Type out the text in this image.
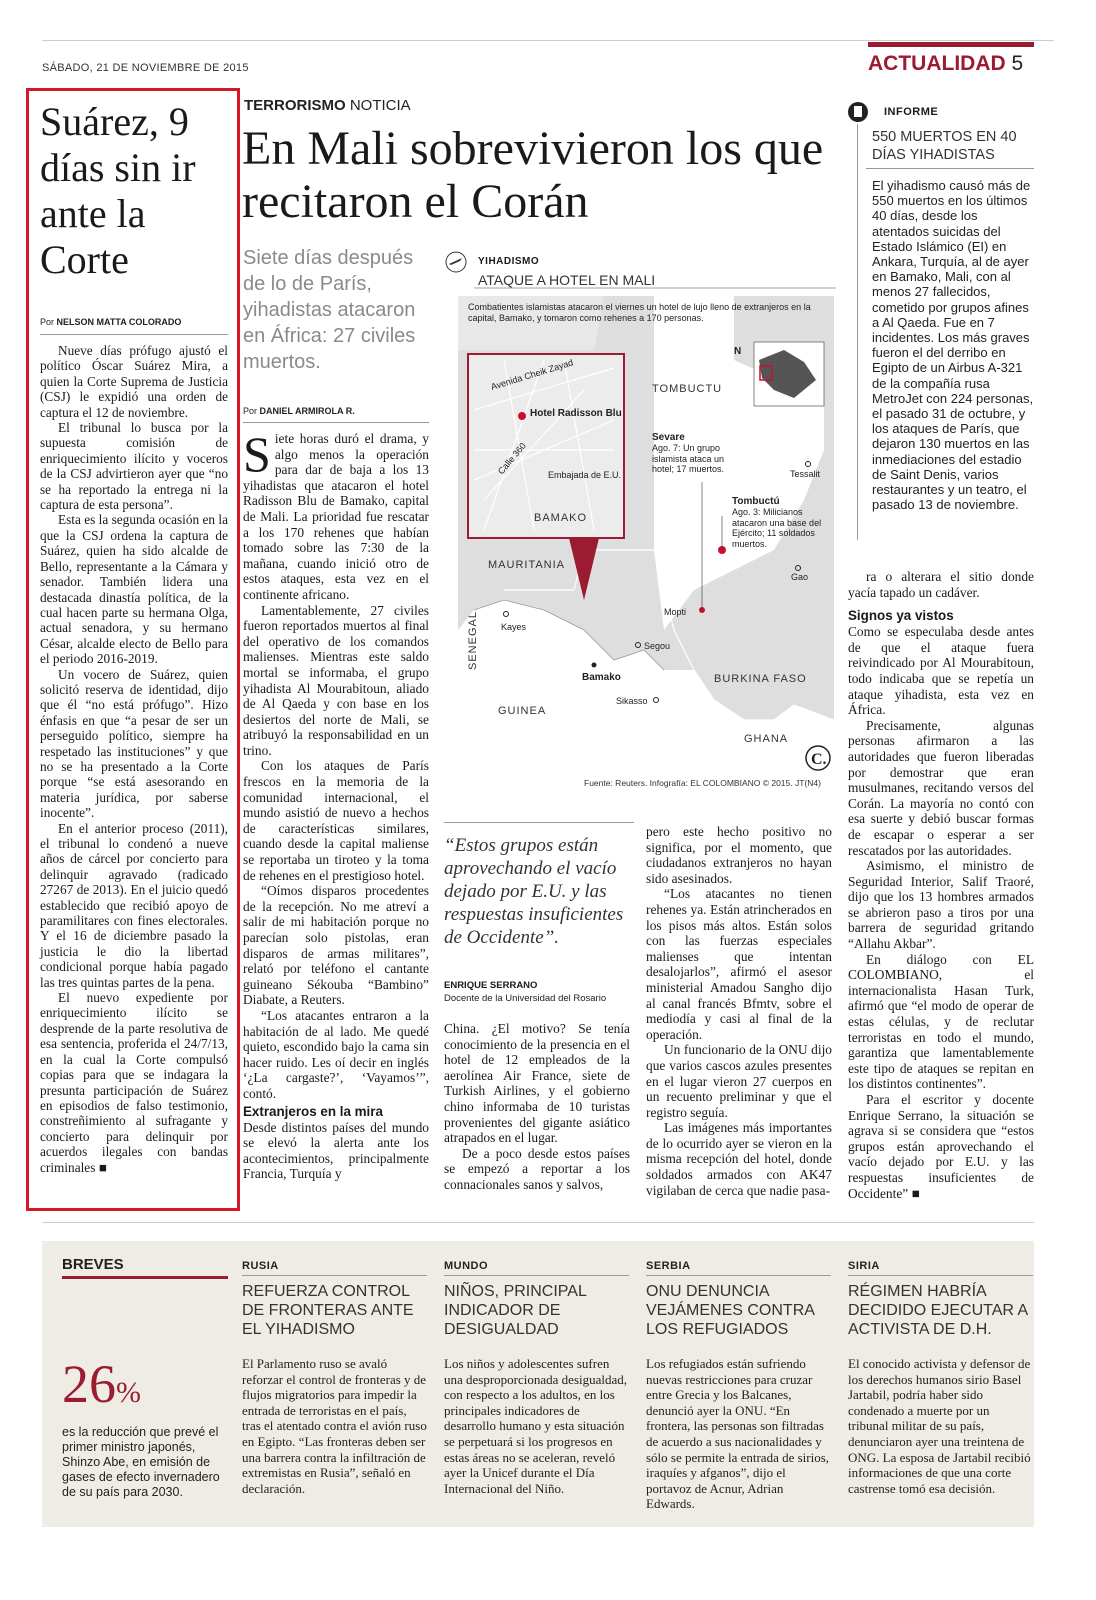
SÁBADO, 21 DE NOVIEMBRE DE 2015	ACTUALIDAD 5
Suárez, 9 días sin ir ante la Corte
Por NELSON MATTA COLORADO

Nueve días prófugo ajustó el político Óscar Suárez Mira, a quien la Corte Suprema de Justicia (CSJ) le expidió una orden de captura el 12 de noviembre.

El tribunal lo busca por la supuesta comisión de enriquecimiento ilícito y voceros de la CSJ advirtieron ayer que “no se ha reportado la entrega ni la captura de esta persona”.

Esta es la segunda ocasión en la que la CSJ ordena la captura de Suárez, quien ha sido alcalde de Bello, representante a la Cámara y senador. También lidera una destacada dinastía política, de la cual hacen parte su hermana Olga, actual senadora, y su hermano César, alcalde electo de Bello para el periodo 2016-2019.

Un vocero de Suárez, quien solicitó reserva de identidad, dijo que él “no está prófugo”. Hizo énfasis en que “a pesar de ser un perseguido político, siempre ha respetado las instituciones” y que no se ha presentado a la Corte porque “se está asesorando en materia jurídica, por saberse inocente”.

En el anterior proceso (2011), el tribunal lo condenó a nueve años de cárcel por concierto para delinquir agravado (radicado 27267 de 2013). En el juicio quedó establecido que recibió apoyo de paramilitares con fines electorales. Y el 16 de diciembre pasado la justicia le dio la libertad condicional porque había pagado las tres quintas partes de la pena.

El nuevo expediente por enriquecimiento ilícito se desprende de la parte resolutiva de esa sentencia, proferida el 24/7/13, en la cual la Corte compulsó copias para que se indagara la presunta participación de Suárez en episodios de falso testimonio, constreñimiento al sufragante y concierto para delinquir por acuerdos ilegales con bandas criminales ■

TERRORISMO NOTICIA
En Mali sobrevivieron los que recitaron el Corán
Siete días después de lo de París, yihadistas atacaron en África: 27 civiles muertos.
Por DANIEL ARMIROLA R.

Siete horas duró el drama, y algo menos la operación para dar de baja a los 13 yihadistas que atacaron el hotel Radisson Blu de Bamako, capital de Mali. La prioridad fue rescatar a los 170 rehenes que habían tomado sobre las 7:30 de la mañana, cuando inició otro de estos ataques, esta vez en el continente africano.

Lamentablemente, 27 civiles fueron reportados muertos al final del operativo de los comandos malienses. Mientras este saldo mortal se informaba, el grupo yihadista Al Mourabitoun, aliado de Al Qaeda y con base en los desiertos del norte de Mali, se atribuyó la responsabilidad en un trino.

Con los ataques de París frescos en la memoria de la comunidad internacional, el mundo asistió de nuevo a hechos de características similares, cuando desde la capital maliense se reportaba un tiroteo y la toma de rehenes en el prestigioso hotel.

“Oímos disparos procedentes de la recepción. No me atreví a salir de mi habitación porque no parecían solo pistolas, eran disparos de armas militares”, relató por teléfono el cantante guineano Sékouba “Bambino” Diabate, a Reuters.

“Los atacantes entraron a la habitación de al lado. Me quedé quieto, escondido bajo la cama sin hacer ruido. Les oí decir en inglés ‘¿La cargaste?’, ‘Vayamos’”, contó.

Extranjeros en la mira

Desde distintos países del mundo se elevó la alerta ante los acontecimientos, principalmente Francia, Turquía y

Avenida Cheik Zayad
Calle 360
Hotel Radisson Blu
Embajada de E.U.
BAMAKO
N
TOMBUCTU
MAURITANIA
SENEGAL
GUINEA
BURKINA FASO
GHANA
Kayes
Bamako
Segou
Mopti
Sikasso
Gao
Tessalit
Sevare
Tombuctú
C.
YIHADISMO
ATAQUE A HOTEL EN MALI
Combatientes islamistas atacaron el viernes un hotel de lujo lleno de extranjeros en la capital, Bamako, y tomaron como rehenes a 170 personas.
Ago. 7: Un grupo islamista ataca un hotel; 17 muertos.
Ago. 3: Milicianos atacaron una base del Ejército; 11 soldados muertos.
Fuente: Reuters. Infografía: EL COLOMBIANO © 2015. JT(N4)
INFORME
550 MUERTOS EN 40 DÍAS YIHADISTAS
El yihadismo causó más de 550 muertos en los últimos 40 días, desde los atentados suicidas del Estado Islámico (EI) en Ankara, Turquía, al de ayer en Bamako, Mali, con al menos 27 fallecidos, cometido por grupos afines a Al Qaeda. Fue en 7 incidentes. Los más graves fueron el del derribo en Egipto de un Airbus A-321 de la compañía rusa MetroJet con 224 personas, el pasado 31 de octubre, y los ataques de París, que dejaron 130 muertos en las inmediaciones del estadio de Saint Denis, varios restaurantes y un teatro, el pasado 13 de noviembre.

ra o alterara el sitio donde yacía tapado un cadáver.

Signos ya vistos

Como se especulaba desde antes de que el ataque fuera reivindicado por Al Mourabitoun, todo indicaba que se repetía un ataque yihadista, esta vez en África.

Precisamente, algunas personas afirmaron a las autoridades que fueron liberadas por demostrar que eran musulmanes, recitando versos del Corán. La mayoría no contó con esa suerte y debió buscar formas de escapar o esperar a ser rescatados por las autoridades.

Asimismo, el ministro de Seguridad Interior, Salif Traoré, dijo que los 13 hombres armados se abrieron paso a tiros por una barrera de seguridad gritando “Allahu Akbar”.

En diálogo con EL COLOMBIANO, el internacionalista Hasan Turk, afirmó que “el modo de operar de estas células, y de reclutar terroristas en todo el mundo, garantiza que lamentablemente este tipo de ataques se repitan en los distintos continentes”.

Para el escritor y docente Enrique Serrano, la situación se agrava si se considera que “estos grupos están aprovechando el vacío dejado por E.U. y las respuestas insuficientes de Occidente” ■

“Estos grupos están aprovechando el vacío dejado por E.U. y las respuestas insuficientes de Occidente”.
ENRIQUE SERRANO
Docente de la Universidad del Rosario

China. ¿El motivo? Se tenía conocimiento de la presencia en el hotel de 12 empleados de la aerolínea Air France, siete de Turkish Airlines, y el gobierno chino informaba de 10 turistas provenientes del gigante asiático atrapados en el lugar.

De a poco desde estos países se empezó a reportar a los connacionales sanos y salvos,

pero este hecho positivo no significa, por el momento, que ciudadanos extranjeros no hayan sido asesinados.

“Los atacantes no tienen rehenes ya. Están atrincherados en los pisos más altos. Están solos con las fuerzas especiales malienses que intentan desalojarlos”, afirmó el asesor ministerial Amadou Sangho dijo al canal francés Bfmtv, sobre el mediodía y casi al final de la operación.

Un funcionario de la ONU dijo que varios cascos azules presentes en el lugar vieron 27 cuerpos en un recuento preliminar y que el registro seguía.

Las imágenes más importantes de lo ocurrido ayer se vieron en la misma recepción del hotel, donde soldados armados con AK47 vigilaban de cerca que nadie pasa-

BREVES
26%
es la reducción que prevé el primer ministro japonés, Shinzo Abe, en emisión de gases de efecto invernadero de su país para 2030.
RUSIA
REFUERZA CONTROL DE FRONTERAS ANTE EL YIHADISMO
El Parlamento ruso se avaló reforzar el control de fronteras y de flujos migratorios para impedir la entrada de terroristas en el país, tras el atentado contra el avión ruso en Egipto. “Las fronteras deben ser una barrera contra la infiltración de extremistas en Rusia”, señaló en declaración.
MUNDO
NIÑOS, PRINCIPAL INDICADOR DE DESIGUALDAD
Los niños y adolescentes sufren una desproporcionada desigualdad, con respecto a los adultos, en los principales indicadores de desarrollo humano y esta situación se perpetuará si los progresos en estas áreas no se aceleran, reveló ayer la Unicef durante el Día Internacional del Niño.
SERBIA
ONU DENUNCIA VEJÁMENES CONTRA LOS REFUGIADOS
Los refugiados están sufriendo nuevas restricciones para cruzar entre Grecia y los Balcanes, denunció ayer la ONU. “En frontera, las personas son filtradas de acuerdo a sus nacionalidades y sólo se permite la entrada de sirios, iraquíes y afganos”, dijo el portavoz de Acnur, Adrian Edwards.
SIRIA
RÉGIMEN HABRÍA DECIDIDO EJECUTAR A ACTIVISTA DE D.H.
El conocido activista y defensor de los derechos humanos sirio Basel Jartabil, podría haber sido condenado a muerte por un tribunal militar de su país, denunciaron ayer una treintena de ONG. La esposa de Jartabil recibió informaciones de que una corte castrense tomó esa decisión.
